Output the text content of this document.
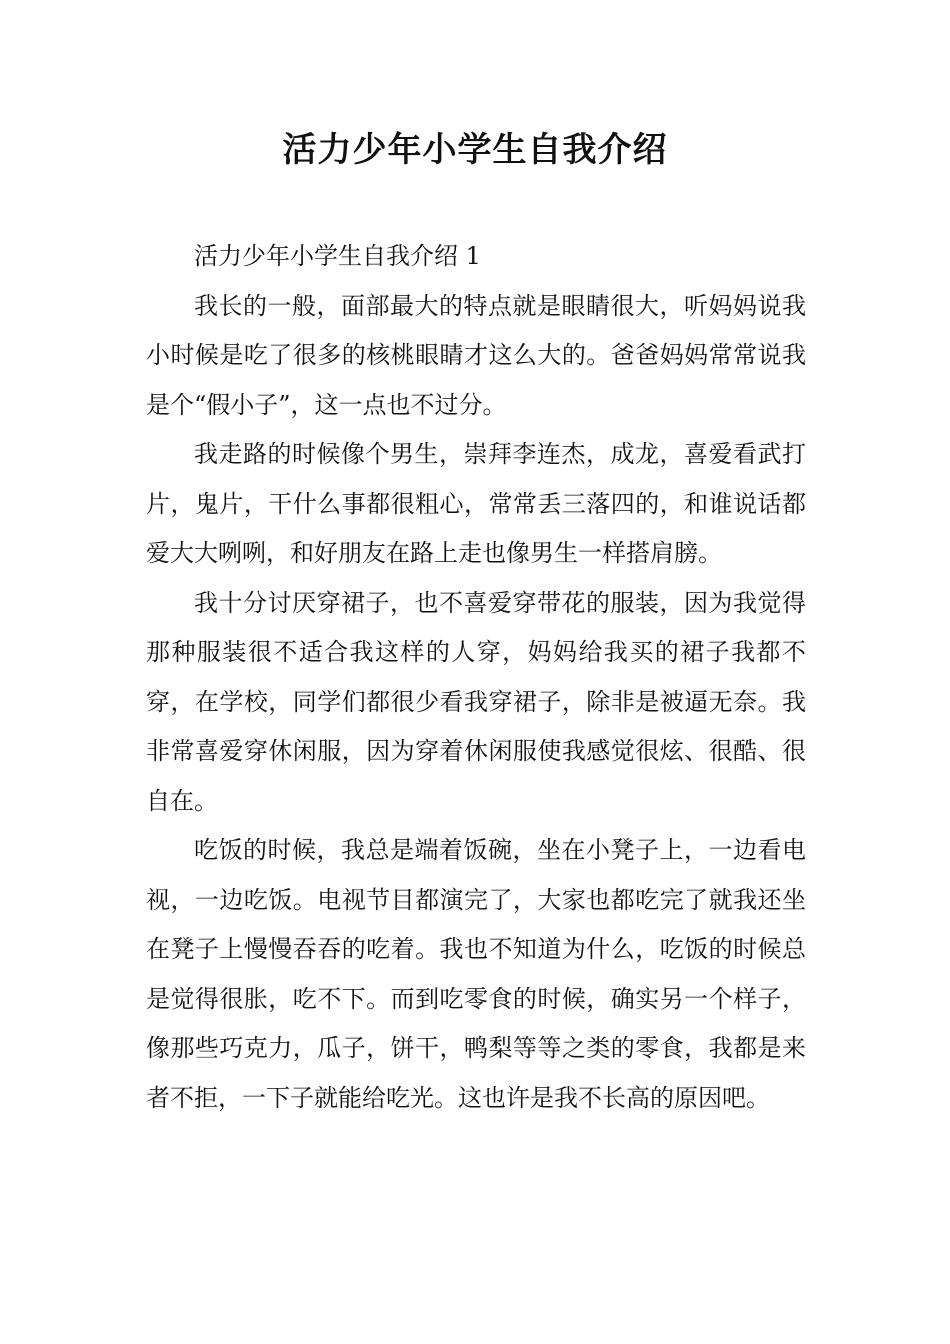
活力少年小学生自我介绍

活力少年小学生自我介绍 1

我长的一般，面部最大的特点就是眼睛很大，听妈妈说我小时候是吃了很多的核桃眼睛才这么大的。爸爸妈妈常常说我是个“假小子”，这一点也不过分。

我走路的时候像个男生，崇拜李连杰，成龙，喜爱看武打片，鬼片，干什么事都很粗心，常常丢三落四的，和谁说话都爱大大咧咧，和好朋友在路上走也像男生一样搭肩膀。

我十分讨厌穿裙子，也不喜爱穿带花的服装，因为我觉得那种服装很不适合我这样的人穿，妈妈给我买的裙子我都不穿，在学校，同学们都很少看我穿裙子，除非是被逼无奈。我非常喜爱穿休闲服，因为穿着休闲服使我感觉很炫、很酷、很自在。

吃饭的时候，我总是端着饭碗，坐在小凳子上，一边看电视，一边吃饭。电视节目都演完了，大家也都吃完了就我还坐在凳子上慢慢吞吞的吃着。我也不知道为什么，吃饭的时候总是觉得很胀，吃不下。而到吃零食的时候，确实另一个样子，像那些巧克力，瓜子，饼干，鸭梨等等之类的零食，我都是来者不拒，一下子就能给吃光。这也许是我不长高的原因吧。
